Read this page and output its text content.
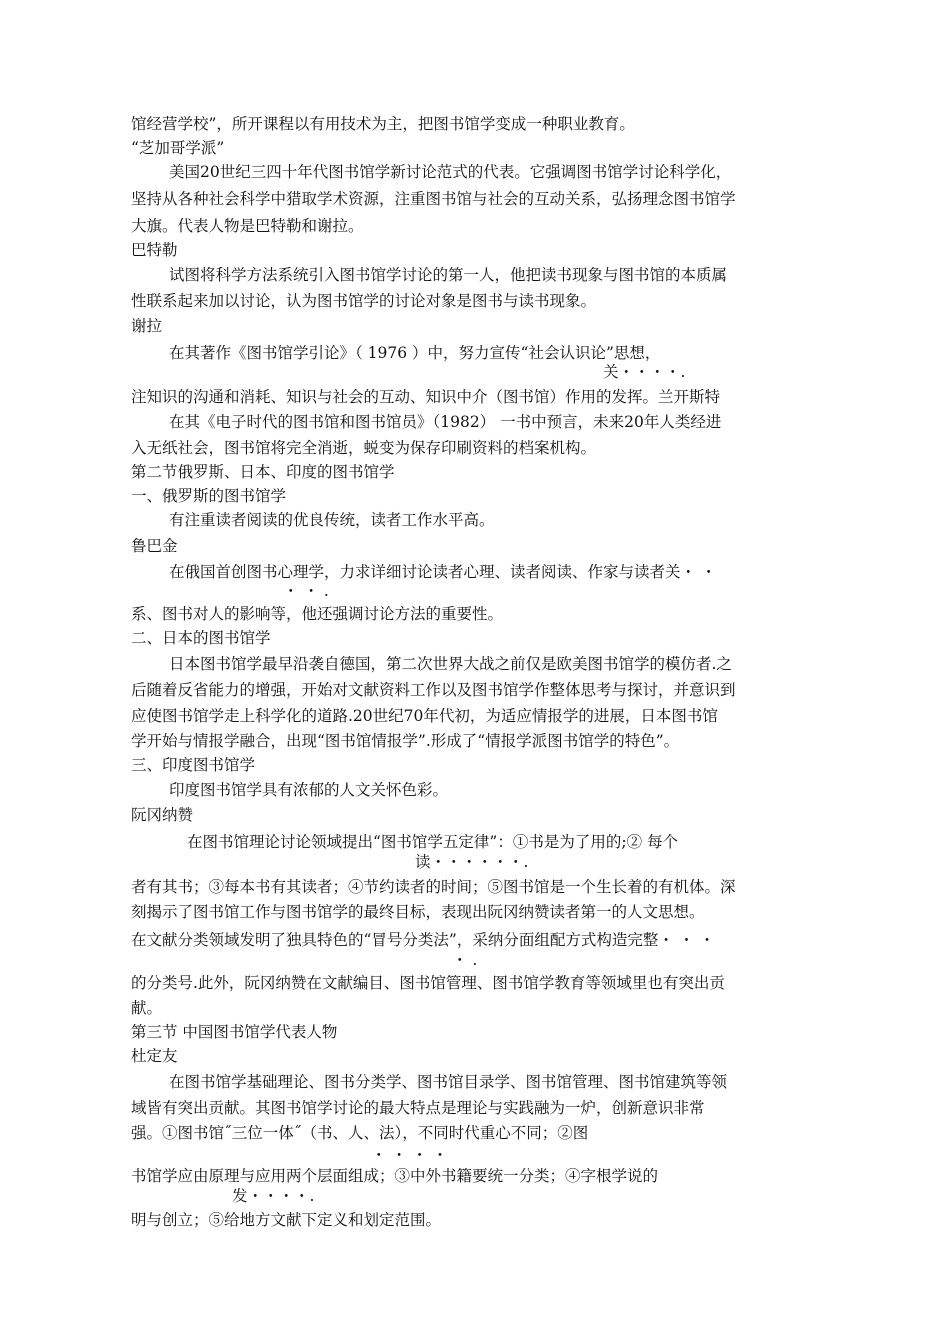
馆经营学校”，所开课程以有用技术为主，把图书馆学变成一种职业教育。
“芝加哥学派”
美国20世纪三四十年代图书馆学新讨论范式的代表。它强调图书馆学讨论科学化，
坚持从各种社会科学中猎取学术资源，注重图书馆与社会的互动关系，弘扬理念图书馆学
大旗。代表人物是巴特勒和谢拉。
巴特勒
试图将科学方法系统引入图书馆学讨论的第一人，他把读书现象与图书馆的本质属
性联系起来加以讨论，认为图书馆学的讨论对象是图书与读书现象。
谢拉
在其著作《图书馆学引论》（ 1976 ）中，努力宣传“社会认识论”思想，
关・・・・.
注知识的沟通和消耗、知识与社会的互动、知识中介（图书馆）作用的发挥。兰开斯特
在其《电子时代的图书馆和图书馆员》（1982） 一书中预言，未来20年人类经进
入无纸社会，图书馆将完全消逝，蜕变为保存印刷资料的档案机构。
第二节俄罗斯、日本、印度的图书馆学
一、俄罗斯的图书馆学
有注重读者阅读的优良传统，读者工作水平高。
鲁巴金
在俄国首创图书心理学，力求详细讨论读者心理、读者阅读、作家与读者关・ ・
・ ・ .
系、图书对人的影响等，他还强调讨论方法的重要性。
二、日本的图书馆学
日本图书馆学最早沿袭自德国，第二次世界大战之前仅是欧美图书馆学的模仿者.之
后随着反省能力的增强，开始对文献资料工作以及图书馆学作整体思考与探讨，并意识到
应使图书馆学走上科学化的道路.20世纪70年代初，为适应情报学的进展，日本图书馆
学开始与情报学融合，出现“图书馆情报学”.形成了“情报学派图书馆学的特色”。
三、印度图书馆学
印度图书馆学具有浓郁的人文关怀色彩。
阮冈纳赞
在图书馆理论讨论领域提出“图书馆学五定律”：①书是为了用的;② 每个
读・・・・・・.
者有其书；③每本书有其读者；④节约读者的时间；⑤图书馆是一个生长着的有机体。深
刻揭示了图书馆工作与图书馆学的最终目标，表现出阮冈纳赞读者第一的人文思想。
在文献分类领域发明了独具特色的“冒号分类法”，采纳分面组配方式构造完整・ ・ ・
・ .
的分类号.此外，阮冈纳赞在文献编目、图书馆管理、图书馆学教育等领域里也有突出贡
献。
第三节 中国图书馆学代表人物
杜定友
在图书馆学基础理论、图书分类学、图书馆目录学、图书馆管理、图书馆建筑等领
域皆有突出贡献。其图书馆学讨论的最大特点是理论与实践融为一炉，创新意识非常
强。①图书馆˝三位一体˝（书、人、法），不同时代重心不同；②图
・ ・ ・ ・
书馆学应由原理与应用两个层面组成；③中外书籍要统一分类；④字根学说的
发・・・・.
明与创立；⑤给地方文献下定义和划定范围。
